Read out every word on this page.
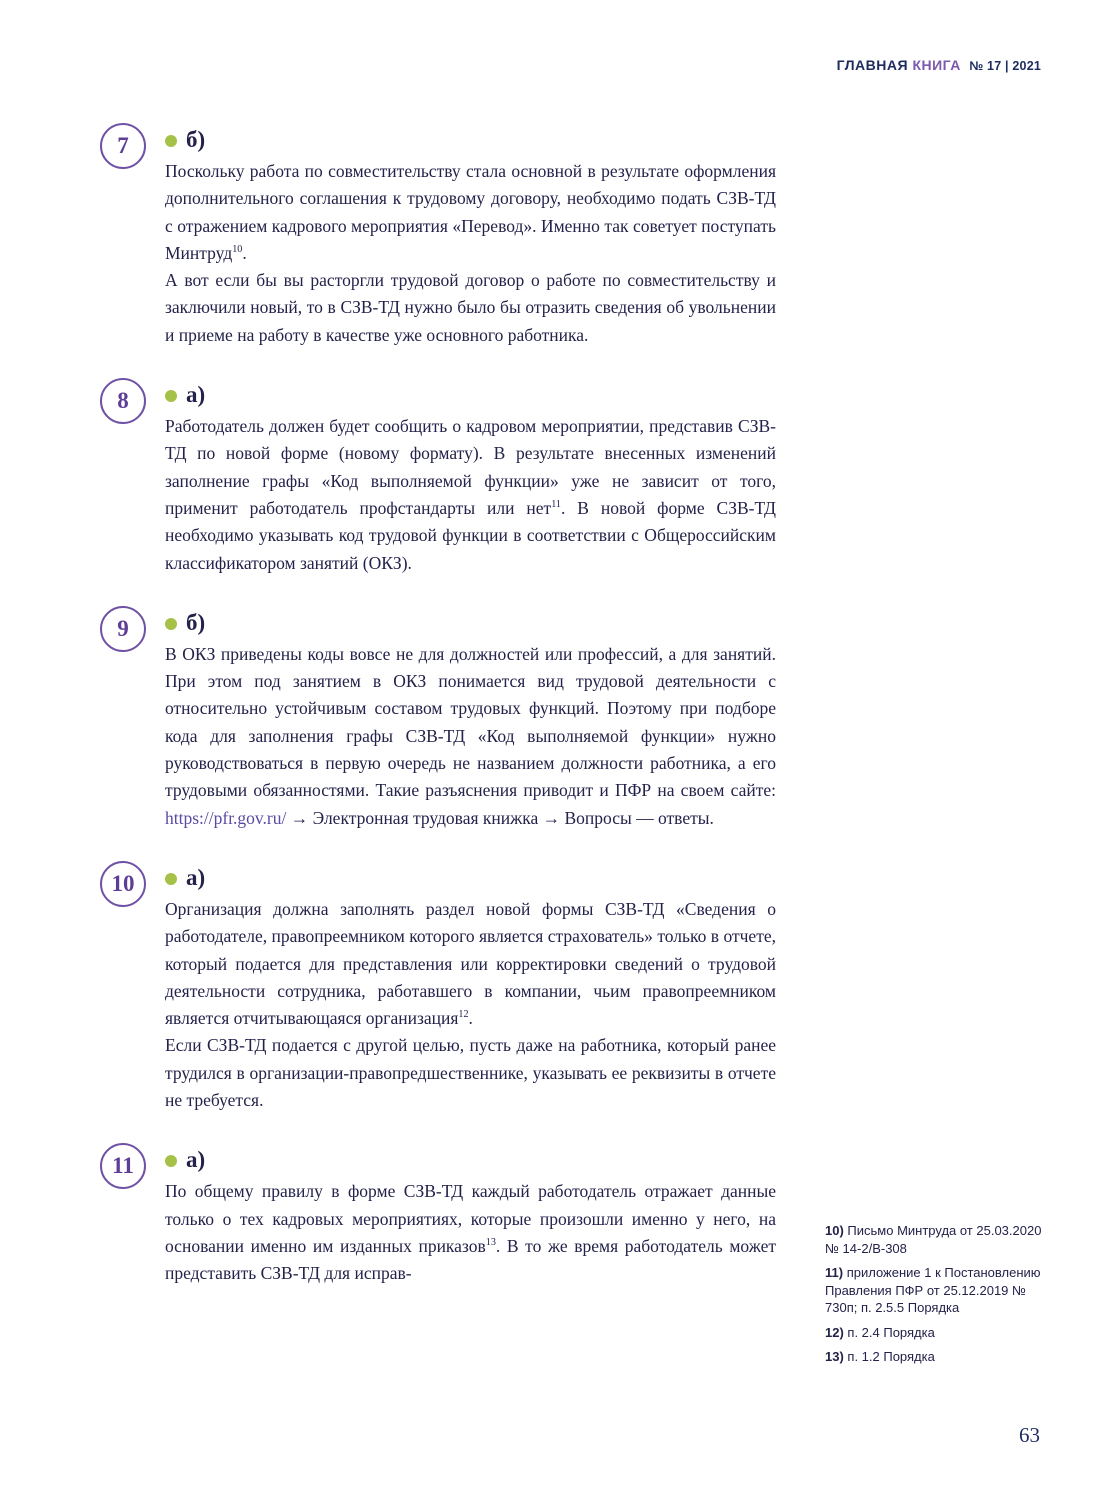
ГЛАВНАЯ КНИГА № 17 | 2021
7	б)

Поскольку работа по совместительству стала основной в результате оформления дополнительного соглашения к трудовому договору, необходимо подать СЗВ-ТД с отражением кадрового мероприятия «Перевод». Именно так советует поступать Минтруд$^{10}$.

А вот если бы вы расторгли трудовой договор о работе по совместительству и заключили новый, то в СЗВ-ТД нужно было бы отразить сведения об увольнении и приеме на работу в качестве уже основного работника.

8	а)

Работодатель должен будет сообщить о кадровом мероприятии, представив СЗВ-ТД по новой форме (новому формату). В результате внесенных изменений заполнение графы «Код выполняемой функции» уже не зависит от того, применит работодатель профстандарты или нет$^{11}$. В новой форме СЗВ-ТД необходимо указывать код трудовой функции в соответствии с Общероссийским классификатором занятий (ОКЗ).

9	б)

В ОКЗ приведены коды вовсе не для должностей или профессий, а для занятий. При этом под занятием в ОКЗ понимается вид трудовой деятельности с относительно устойчивым составом трудовых функций. Поэтому при подборе кода для заполнения графы СЗВ-ТД «Код выполняемой функции» нужно руководствоваться в первую очередь не названием должности работника, а его трудовыми обязанностями. Такие разъяснения приводит и ПФР на своем сайте: https://pfr.gov.ru/ → Электронная трудовая книжка → Вопросы — ответы.

10	а)

Организация должна заполнять раздел новой формы СЗВ-ТД «Сведения о работодателе, правопреемником которого является страхователь» только в отчете, который подается для представления или корректировки сведений о трудовой деятельности сотрудника, работавшего в компании, чьим правопреемником является отчитывающаяся организация$^{12}$.

Если СЗВ-ТД подается с другой целью, пусть даже на работника, который ранее трудился в организации-правопредшественнике, указывать ее реквизиты в отчете не требуется.

11	а)

По общему правилу в форме СЗВ-ТД каждый работодатель отражает данные только о тех кадровых мероприятиях, которые произошли именно у него, на основании именно им изданных приказов$^{13}$. В то же время работодатель может представить СЗВ-ТД для исправ-

10) Письмо Минтруда от 25.03.2020 № 14-2/В-308
11) приложение 1 к Постановлению Правления ПФР от 25.12.2019 № 730п; п. 2.5.5 Порядка
12) п. 2.4 Порядка
13) п. 1.2 Порядка
63
